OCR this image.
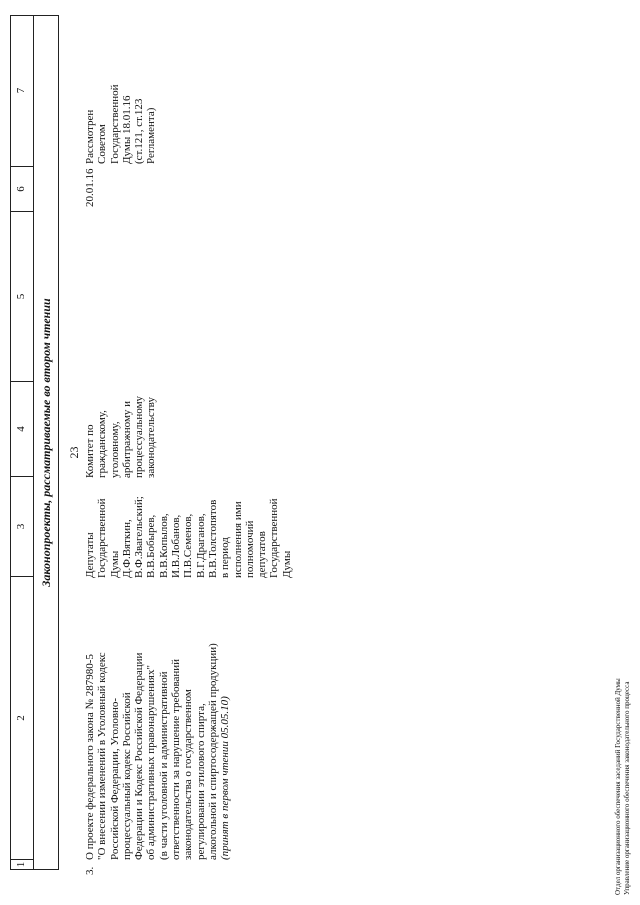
23
1
2
3
4
5
6
7
Законопроекты, рассматриваемые во втором чтении
3.
О проекте федерального закона № 287980-5 "О внесении изменений в Уголовный кодекс Российской Федерации, Уголовно- процессуальный кодекс Российской Федерации и Кодекс Российской Федерации об административных правонарушениях" (в части уголовной и административной ответственности за нарушение требований законодательства о государственном регулировании этилового спирта, алкогольной и спиртосодержащей продукции) (принят в первом чтении 05.05.10)
Депутаты Государственной Думы Д.Ф.Вяткин, В.Ф.Звагельский; В.В.Бобырев, В.В.Копылов, И.В.Лобанов, П.В.Семенов, В.Г.Драганов, В.В.Толстопятов в период исполнения ими полномочий депутатов Государственной Думы
Комитет по гражданскому, уголовному, арбитражному и процессуальному законодательству
20.01.16
Рассмотрен Советом Государственной Думы 18.01.16 (ст.121, ст.123 Регламента)
Отдел организационного обеспечения заседаний Государственной Думы Управление организационного обеспечения законодательного процесса
